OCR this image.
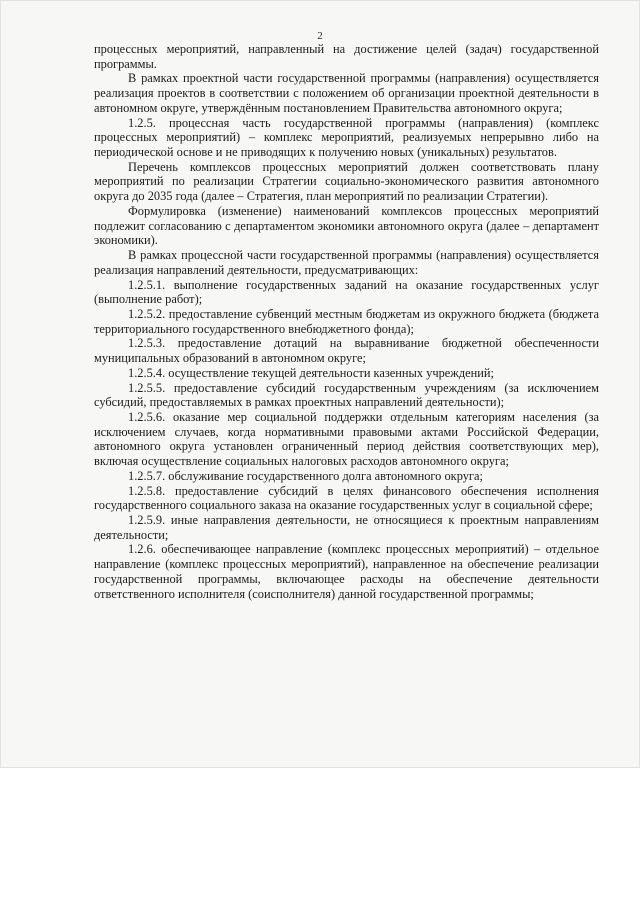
2

процессных мероприятий, направленный на достижение целей (задач) государственной программы.

В рамках проектной части государственной программы (направления) осуществляется реализация проектов в соответствии с положением об организации проектной деятельности в автономном округе, утверждённым постановлением Правительства автономного округа;

1.2.5. процессная часть государственной программы (направления) (комплекс процессных мероприятий) – комплекс мероприятий, реализуемых непрерывно либо на периодической основе и не приводящих к получению новых (уникальных) результатов.

Перечень комплексов процессных мероприятий должен соответствовать плану мероприятий по реализации Стратегии социально-экономического развития автономного округа до 2035 года (далее – Стратегия, план мероприятий по реализации Стратегии).

Формулировка (изменение) наименований комплексов процессных мероприятий подлежит согласованию с департаментом экономики автономного округа (далее – департамент экономики).

В рамках процессной части государственной программы (направления) осуществляется реализация направлений деятельности, предусматривающих:

1.2.5.1. выполнение государственных заданий на оказание государственных услуг (выполнение работ);

1.2.5.2. предоставление субвенций местным бюджетам из окружного бюджета (бюджета территориального государственного внебюджетного фонда);

1.2.5.3. предоставление дотаций на выравнивание бюджетной обеспеченности муниципальных образований в автономном округе;

1.2.5.4. осуществление текущей деятельности казенных учреждений;

1.2.5.5. предоставление субсидий государственным учреждениям (за исключением субсидий, предоставляемых в рамках проектных направлений деятельности);

1.2.5.6. оказание мер социальной поддержки отдельным категориям населения (за исключением случаев, когда нормативными правовыми актами Российской Федерации, автономного округа установлен ограниченный период действия соответствующих мер), включая осуществление социальных налоговых расходов автономного округа;

1.2.5.7. обслуживание государственного долга автономного округа;

1.2.5.8. предоставление субсидий в целях финансового обеспечения исполнения государственного социального заказа на оказание государственных услуг в социальной сфере;

1.2.5.9. иные направления деятельности, не относящиеся к проектным направлениям деятельности;

1.2.6. обеспечивающее направление (комплекс процессных мероприятий) – отдельное направление (комплекс процессных мероприятий), направленное на обеспечение реализации государственной программы, включающее расходы на обеспечение деятельности ответственного исполнителя (соисполнителя) данной государственной программы;
